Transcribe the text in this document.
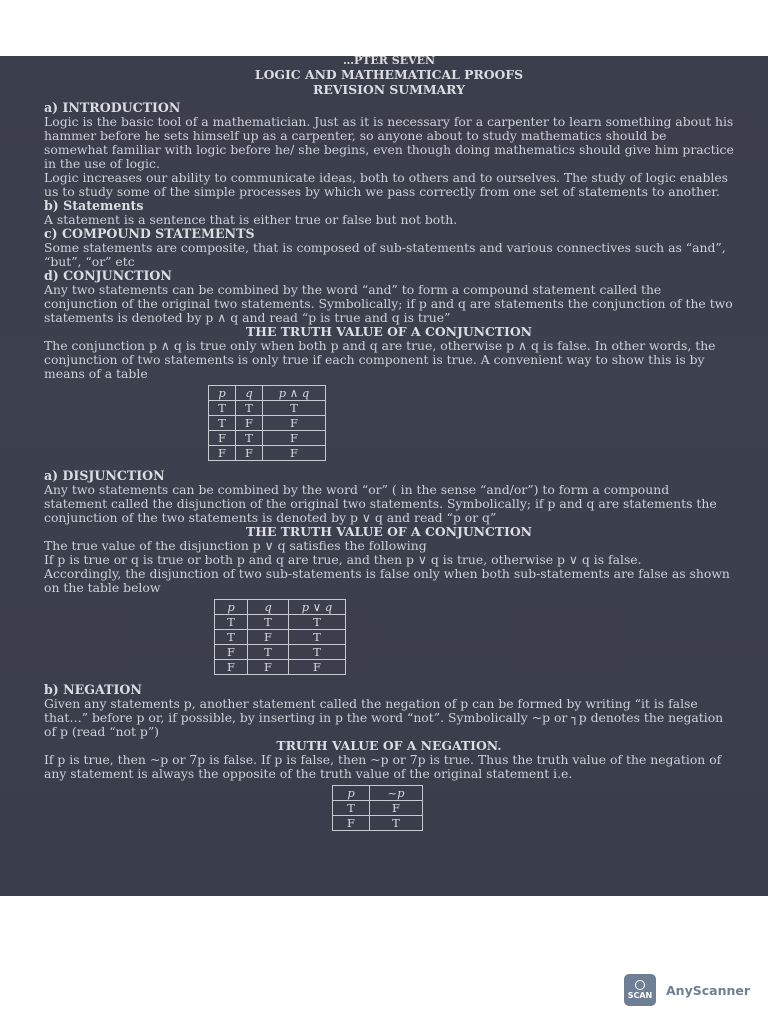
…PTER SEVEN

LOGIC AND MATHEMATICAL PROOFS

REVISION SUMMARY

a) INTRODUCTION

Logic is the basic tool of a mathematician. Just as it is necessary for a carpenter to learn something about his hammer before he sets himself up as a carpenter, so anyone about to study mathematics should be somewhat familiar with logic before he/ she begins, even though doing mathematics should give him practice in the use of logic.

Logic increases our ability to communicate ideas, both to others and to ourselves. The study of logic enables us to study some of the simple processes by which we pass correctly from one set of statements to another.

b) Statements

A statement is a sentence that is either true or false but not both.

c) COMPOUND STATEMENTS

Some statements are composite, that is composed of sub-statements and various connectives such as “and”, “but”, “or” etc

d) CONJUNCTION

Any two statements can be combined by the word “and” to form a compound statement called the conjunction of the original two statements. Symbolically; if p and q are statements the conjunction of the two statements is denoted by p ∧ q and read “p is true and q is true”

THE TRUTH VALUE OF A CONJUNCTION

The conjunction p ∧ q is true only when both p and q are true, otherwise p ∧ q is false. In other words, the conjunction of two statements is only true if each component is true. A convenient way to show this is by means of a table

p	q	p ∧ q
T	T	T
T	F	F
F	T	F
F	F	F

a) DISJUNCTION

Any two statements can be combined by the word “or” ( in the sense “and/or”) to form a compound statement called the disjunction of the original two statements. Symbolically; if p and q are statements the conjunction of the two statements is denoted by p ∨ q and read “p or q”

THE TRUTH VALUE OF A CONJUNCTION

The true value of the disjunction p ∨ q satisfies the following

If p is true or q is true or both p and q are true, and then p ∨ q is true, otherwise p ∨ q is false.

Accordingly, the disjunction of two sub-statements is false only when both sub-statements are false as shown on the table below

p	q	p ∨ q
T	T	T
T	F	T
F	T	T
F	F	F

b) NEGATION

Given any statements p, another statement called the negation of p can be formed by writing “it is false that…” before p or, if possible, by inserting in p the word “not”. Symbolically ~p or ┐p denotes the negation of p (read “not p”)

TRUTH VALUE OF A NEGATION.

If p is true, then ~p or 7p is false. If p is false, then ~p or 7p is true. Thus the truth value of the negation of any statement is always the opposite of the truth value of the original statement i.e.

p	~p
T	F
F	T
SCAN AnyScanner
